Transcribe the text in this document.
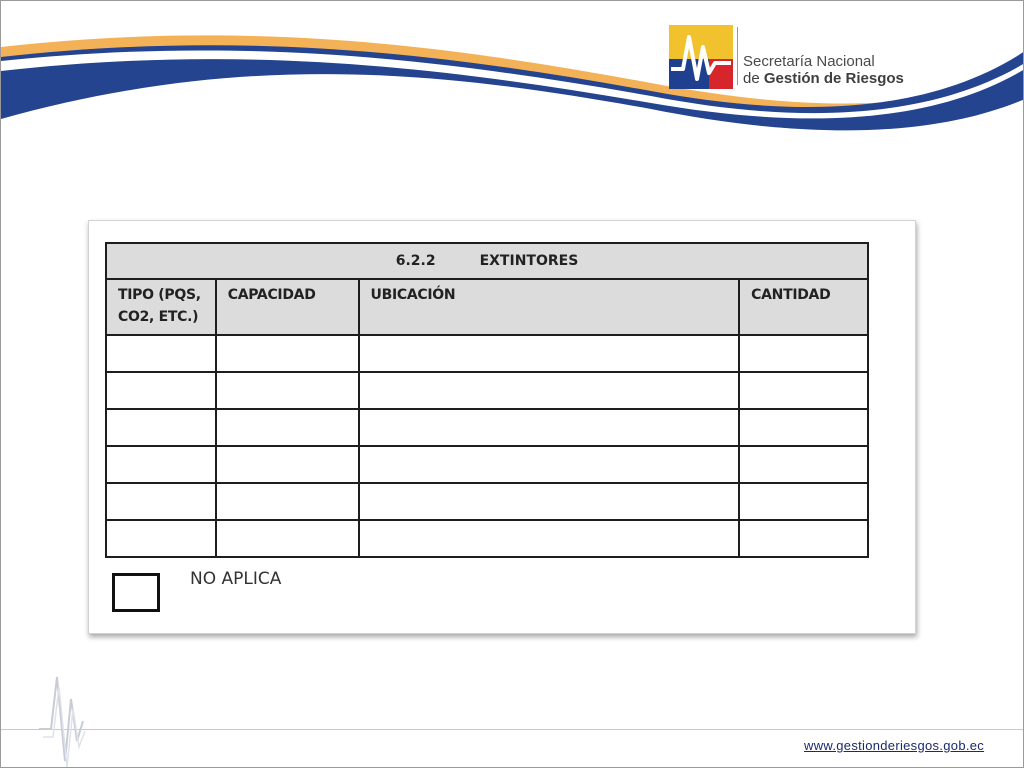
Secretaría Nacional
de Gestión de Riesgos
6.2.2 EXTINTORES			
TIPO (PQS, CO2, ETC.)	CAPACIDAD	UBICACIÓN	CANTIDAD

NO APLICA
www.gestionderiesgos.gob.ec
